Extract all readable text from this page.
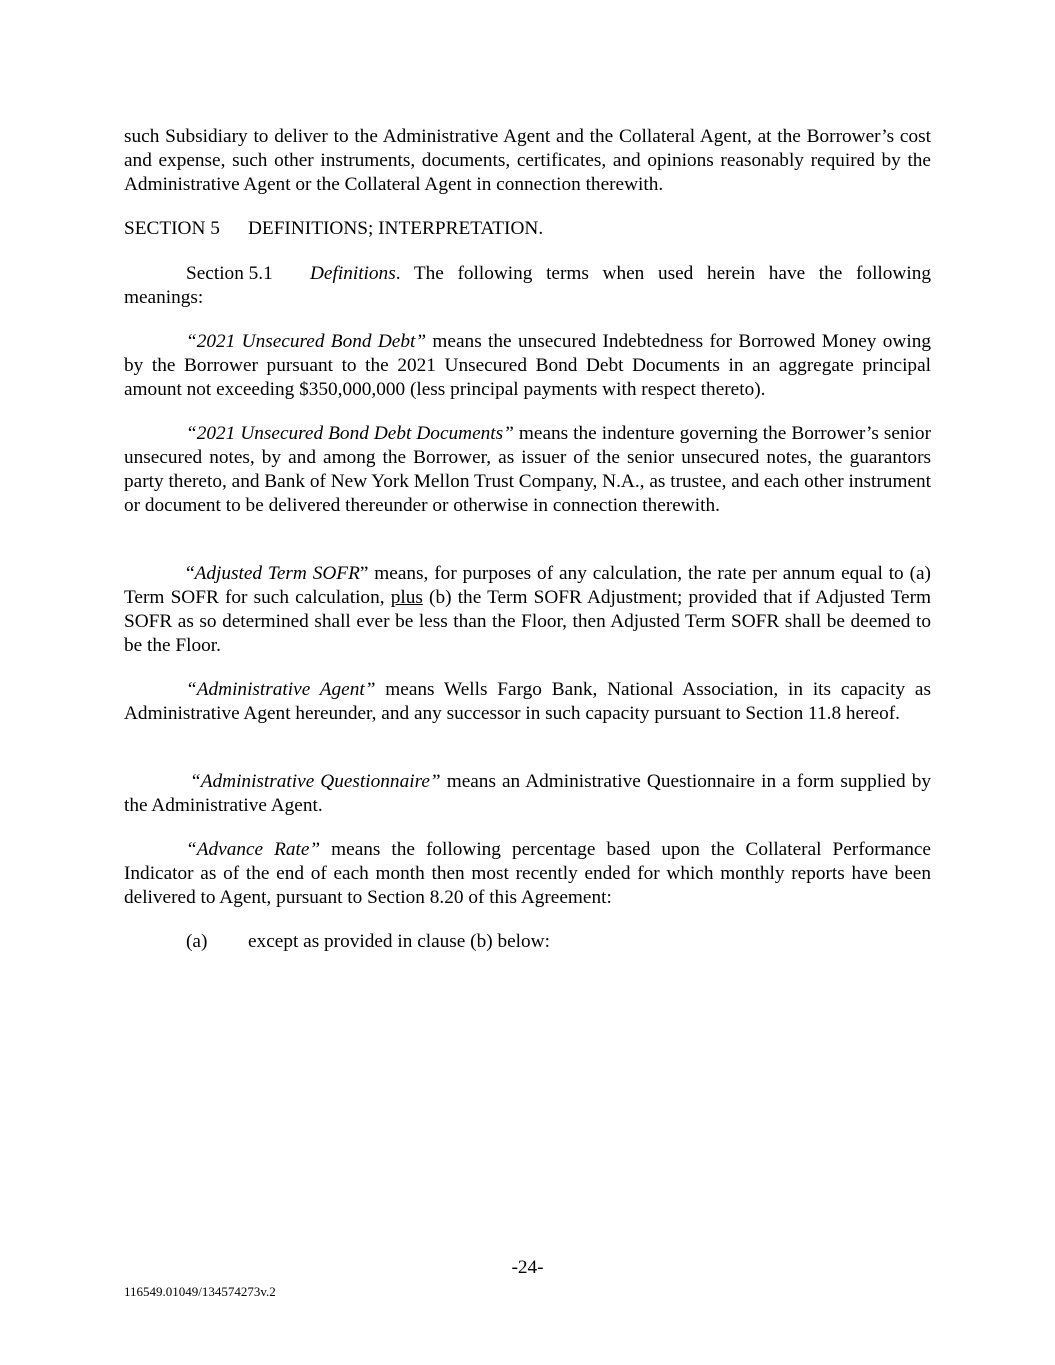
such Subsidiary to deliver to the Administrative Agent and the Collateral Agent, at the Borrower’s cost and expense, such other instruments, documents, certificates, and opinions reasonably required by the Administrative Agent or the Collateral Agent in connection therewith.

SECTION 5 DEFINITIONS; INTERPRETATION.

Section 5.1 Definitions. The following terms when used herein have the following meanings:

“2021 Unsecured Bond Debt” means the unsecured Indebtedness for Borrowed Money owing by the Borrower pursuant to the 2021 Unsecured Bond Debt Documents in an aggregate principal amount not exceeding $350,000,000 (less principal payments with respect thereto).

“2021 Unsecured Bond Debt Documents” means the indenture governing the Borrower’s senior unsecured notes, by and among the Borrower, as issuer of the senior unsecured notes, the guarantors party thereto, and Bank of New York Mellon Trust Company, N.A., as trustee, and each other instrument or document to be delivered thereunder or otherwise in connection therewith.

“Adjusted Term SOFR” means, for purposes of any calculation, the rate per annum equal to (a) Term SOFR for such calculation, plus (b) the Term SOFR Adjustment; provided that if Adjusted Term SOFR as so determined shall ever be less than the Floor, then Adjusted Term SOFR shall be deemed to be the Floor.

“Administrative Agent” means Wells Fargo Bank, National Association, in its capacity as Administrative Agent hereunder, and any successor in such capacity pursuant to Section 11.8 hereof.

“Administrative Questionnaire” means an Administrative Questionnaire in a form supplied by the Administrative Agent.

“Advance Rate” means the following percentage based upon the Collateral Performance Indicator as of the end of each month then most recently ended for which monthly reports have been delivered to Agent, pursuant to Section 8.20 of this Agreement:

(a) except as provided in clause (b) below:
-24-
116549.01049/134574273v.2
